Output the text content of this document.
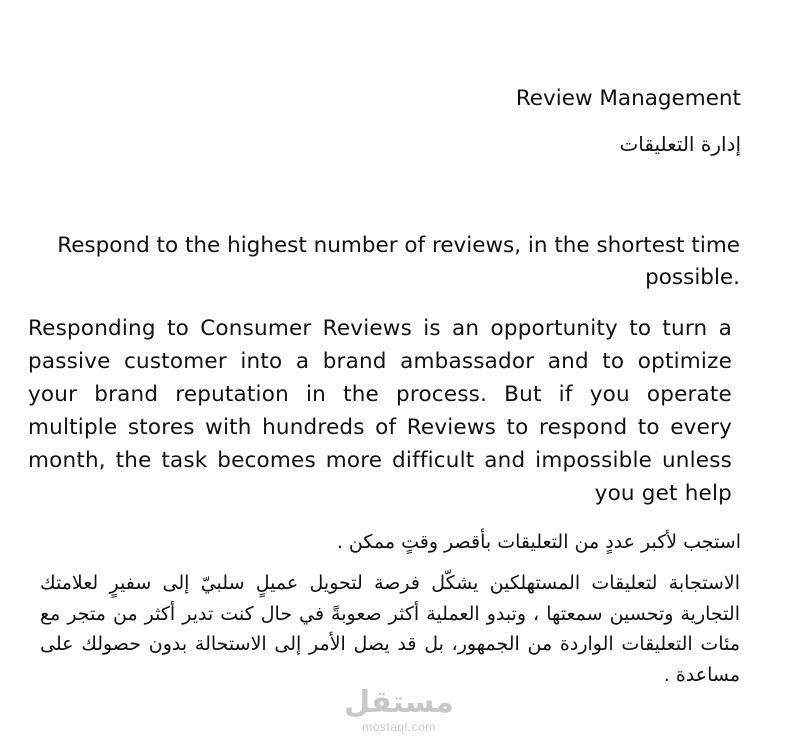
Review Management
إدارة التعليقات
Respond to the highest number of reviews, in the shortest time possible.
Responding to Consumer Reviews is an opportunity to turn a passive customer into a brand ambassador and to optimize your brand reputation in the process. But if you operate multiple stores with hundreds of Reviews to respond to every month, the task becomes more difficult and impossible unless you get help
استجب لأكبر عددٍ من التعليقات بأقصر وقتٍ ممكن .
الاستجابة لتعليقات المستهلكين يشكّل فرصة لتحويل عميلٍ سلبيّ إلى سفيرٍ لعلامتك التجارية وتحسين سمعتها ، وتبدو العملية أكثر صعوبةً في حال كنت تدير أكثر من متجر مع مئات التعليقات الواردة من الجمهور، بل قد يصل الأمر إلى الاستحالة بدون حصولك على مساعدة .
مستقل
mostaql.com
